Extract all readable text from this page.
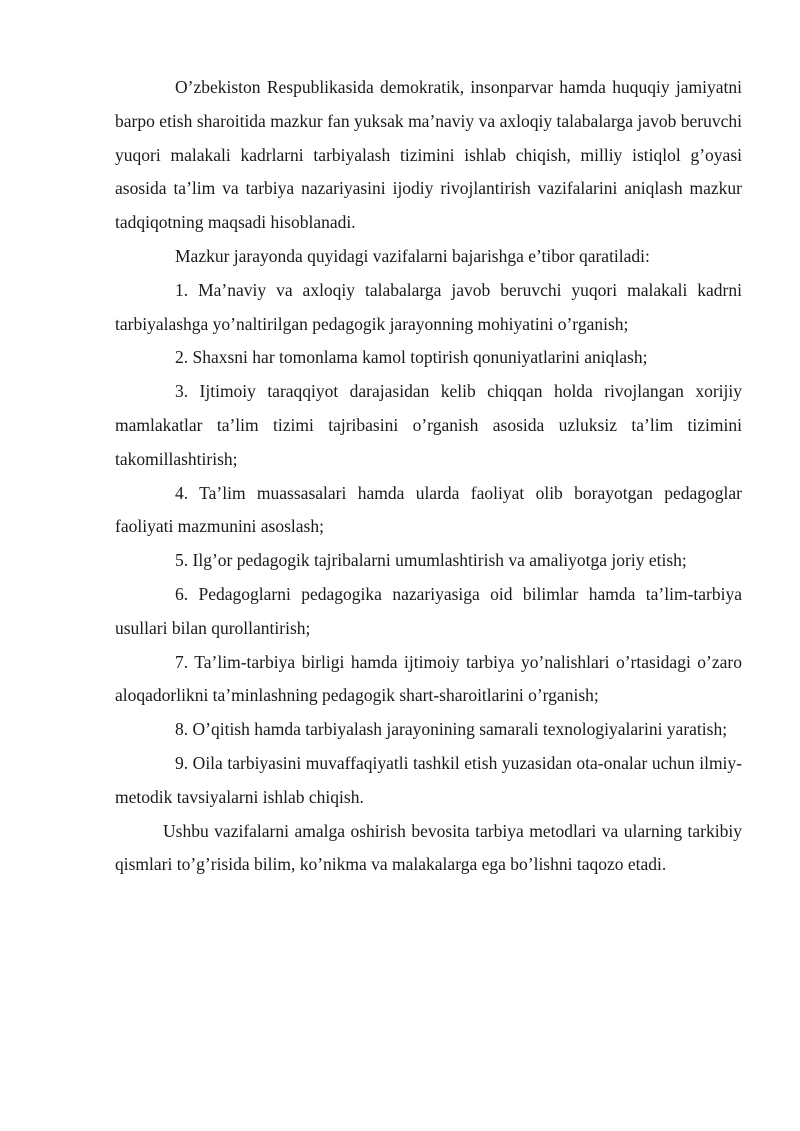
O’zbekiston Respublikasida demokratik, insonparvar hamda huquqiy jamiyatni barpo etish sharoitida mazkur fan yuksak ma’naviy va axloqiy talabalarga javob beruvchi yuqori malakali kadrlarni tarbiyalash tizimini ishlab chiqish, milliy istiqlol g’oyasi asosida ta’lim va tarbiya nazariyasini ijodiy rivojlantirish vazifalarini aniqlash mazkur tadqiqotning maqsadi hisoblanadi.

Mazkur jarayonda quyidagi vazifalarni bajarishga e’tibor qaratiladi:

1. Ma’naviy va axloqiy talabalarga javob beruvchi yuqori malakali kadrni tarbiyalashga yo’naltirilgan pedagogik jarayonning mohiyatini o’rganish;

2. Shaxsni har tomonlama kamol toptirish qonuniyatlarini aniqlash;

3. Ijtimoiy taraqqiyot darajasidan kelib chiqqan holda rivojlangan xorijiy mamlakatlar ta’lim tizimi tajribasini o’rganish asosida uzluksiz ta’lim tizimini takomillashtirish;

4. Ta’lim muassasalari hamda ularda faoliyat olib borayotgan pedagoglar faoliyati mazmunini asoslash;

5. Ilg’or pedagogik tajribalarni umumlashtirish va amaliyotga joriy etish;

6. Pedagoglarni pedagogika nazariyasiga oid bilimlar hamda ta’lim-tarbiya usullari bilan qurollantirish;

7. Ta’lim-tarbiya birligi hamda ijtimoiy tarbiya yo’nalishlari o’rtasidagi o’zaro aloqadorlikni ta’minlashning pedagogik shart-sharoitlarini o’rganish;

8. O’qitish hamda tarbiyalash jarayonining samarali texnologiyalarini yaratish;

9. Oila tarbiyasini muvaffaqiyatli tashkil etish yuzasidan ota-onalar uchun ilmiy-metodik tavsiyalarni ishlab chiqish.

Ushbu vazifalarni amalga oshirish bevosita tarbiya metodlari va ularning tarkibiy qismlari to’g’risida bilim, ko’nikma va malakalarga ega bo’lishni taqozo etadi.
